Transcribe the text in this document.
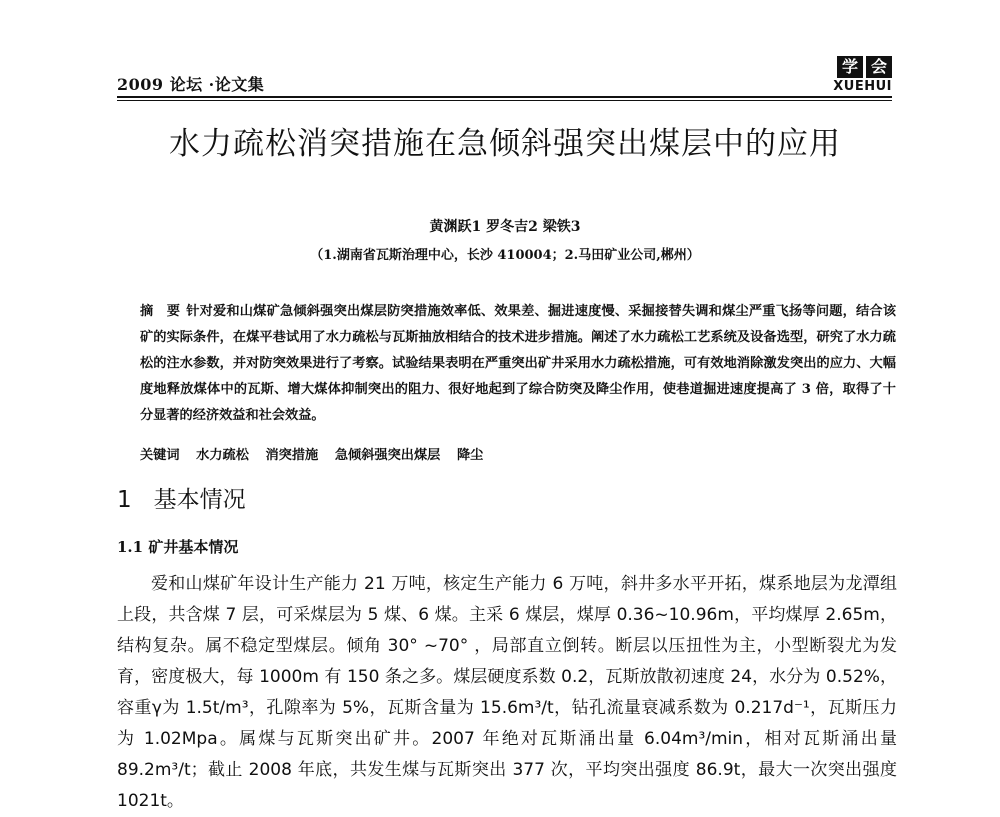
2009 论坛 ·论文集
学 会
XUEHUI
水力疏松消突措施在急倾斜强突出煤层中的应用
黄渊跃1 罗冬吉2 梁铁3
（1.湖南省瓦斯治理中心，长沙 410004；2.马田矿业公司,郴州）
摘　要 针对爱和山煤矿急倾斜强突出煤层防突措施效率低、效果差、掘进速度慢、采掘接替失调和煤尘严重飞扬等问题，结合该矿的实际条件，在煤平巷试用了水力疏松与瓦斯抽放相结合的技术进步措施。阐述了水力疏松工艺系统及设备选型，研究了水力疏松的注水参数，并对防突效果进行了考察。试验结果表明在严重突出矿井采用水力疏松措施，可有效地消除激发突出的应力、大幅度地释放煤体中的瓦斯、增大煤体抑制突出的阻力、很好地起到了综合防突及降尘作用，使巷道掘进速度提高了 3 倍，取得了十分显著的经济效益和社会效益。
关键词 水力疏松 消突措施 急倾斜强突出煤层 降尘
1 基本情况
1.1 矿井基本情况
爱和山煤矿年设计生产能力 21 万吨，核定生产能力 6 万吨，斜井多水平开拓，煤系地层为龙潭组上段，共含煤 7 层，可采煤层为 5 煤、6 煤。主采 6 煤层，煤厚 0.36~10.96m，平均煤厚 2.65m，结构复杂。属不稳定型煤层。倾角 30° ~70° ，局部直立倒转。断层以压扭性为主，小型断裂尤为发育，密度极大，每 1000m 有 150 条之多。煤层硬度系数 0.2，瓦斯放散初速度 24，水分为 0.52%，容重γ为 1.5t/m³，孔隙率为 5%，瓦斯含量为 15.6m³/t，钻孔流量衰减系数为 0.217d⁻¹，瓦斯压力为 1.02Mpa。属煤与瓦斯突出矿井。2007 年绝对瓦斯涌出量 6.04m³/min，相对瓦斯涌出量 89.2m³/t；截止 2008 年底，共发生煤与瓦斯突出 377 次，平均突出强度 86.9t，最大一次突出强度 1021t。
